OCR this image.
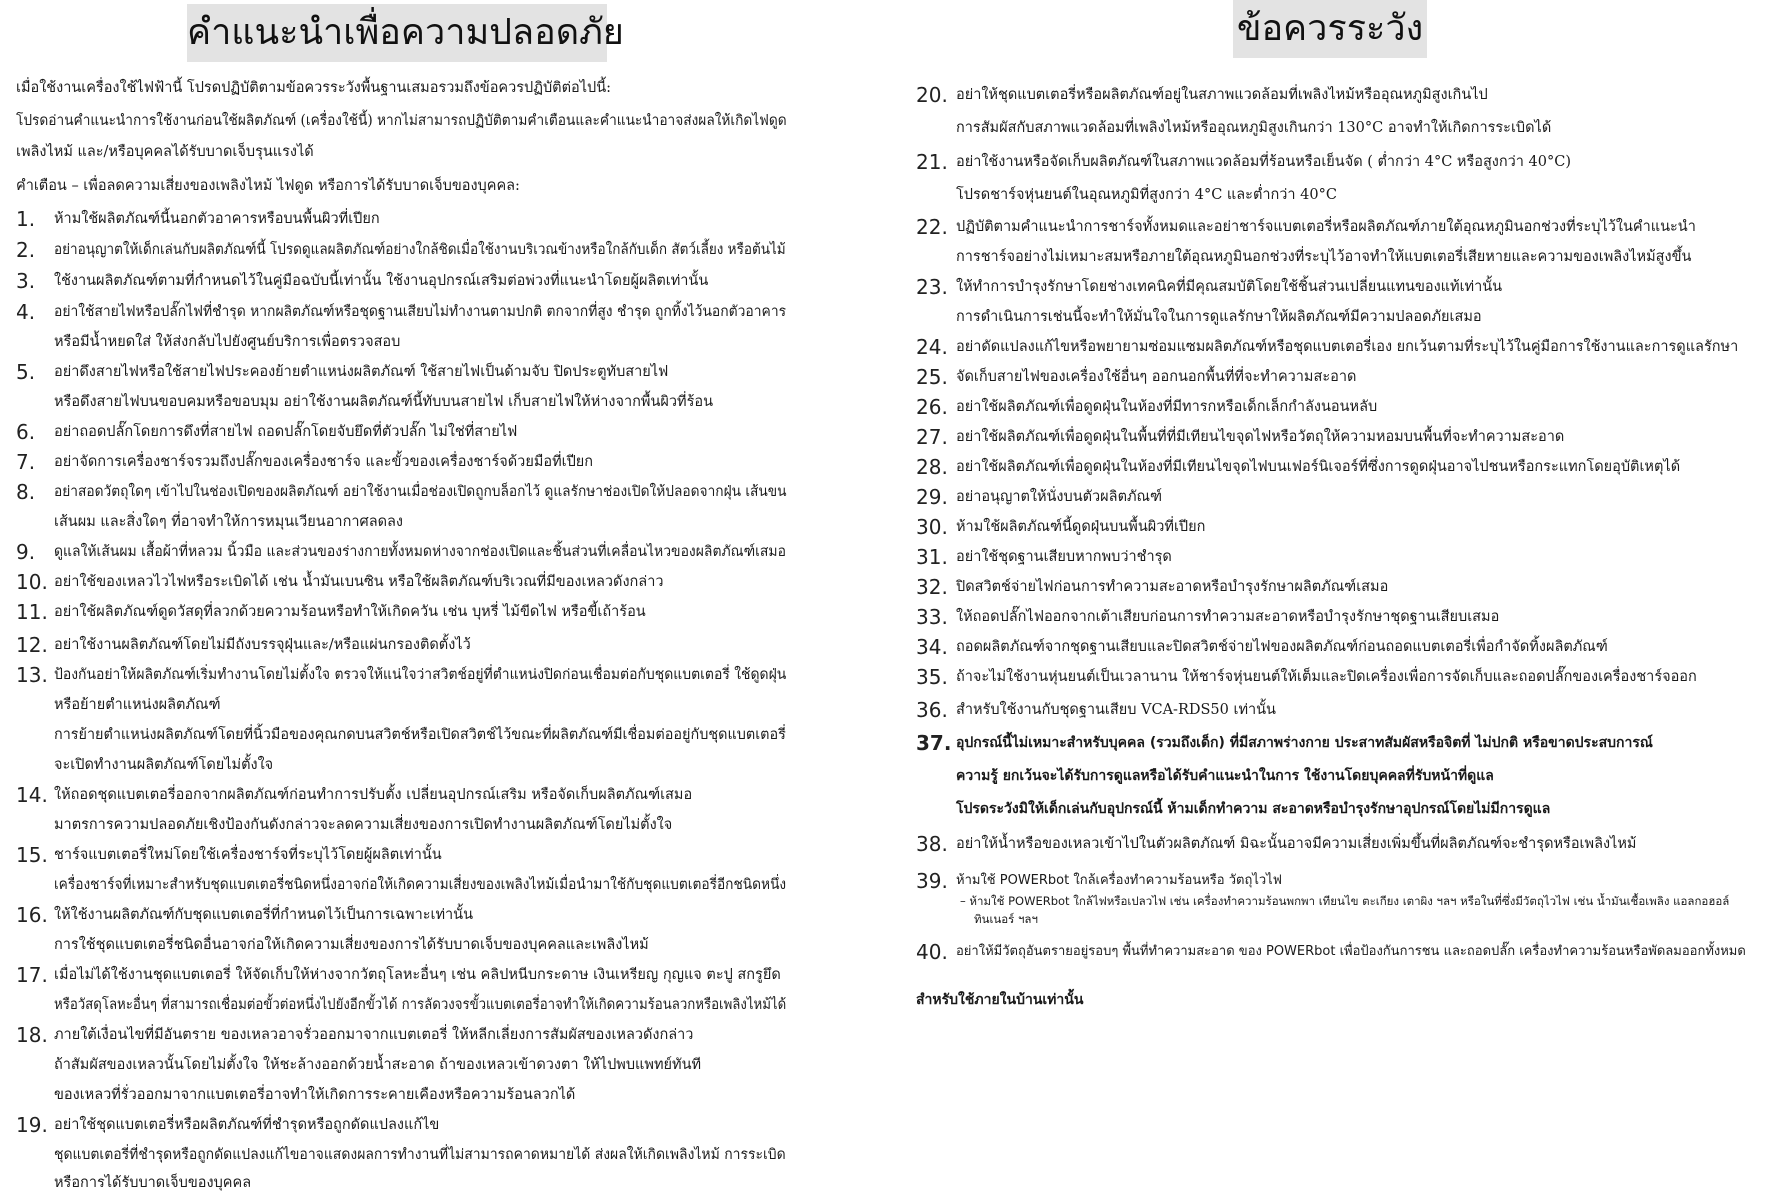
คำแนะนำเพื่อความปลอดภัย	ข้อควรระวัง
เมื่อใช้งานเครื่องใช้ไฟฟ้านี้ โปรดปฏิบัติตามข้อควรระวังพื้นฐานเสมอรวมถึงข้อควรปฏิบัติต่อไปนี้:
โปรดอ่านคำแนะนำการใช้งานก่อนใช้ผลิตภัณฑ์ (เครื่องใช้นี้) หากไม่สามารถปฏิบัติตามคำเตือนและคำแนะนำอาจส่งผลให้เกิดไฟดูด
เพลิงไหม้ และ/หรือบุคคลได้รับบาดเจ็บรุนแรงได้
คำเตือน – เพื่อลดความเสี่ยงของเพลิงไหม้ ไฟดูด หรือการได้รับบาดเจ็บของบุคคล:
1. ห้ามใช้ผลิตภัณฑ์นี้นอกตัวอาคารหรือบนพื้นผิวที่เปียก
2. อย่าอนุญาตให้เด็กเล่นกับผลิตภัณฑ์นี้ โปรดดูแลผลิตภัณฑ์อย่างใกล้ชิดเมื่อใช้งานบริเวณข้างหรือใกล้กับเด็ก สัตว์เลี้ยง หรือต้นไม้
3. ใช้งานผลิตภัณฑ์ตามที่กำหนดไว้ในคู่มือฉบับนี้เท่านั้น ใช้งานอุปกรณ์เสริมต่อพ่วงที่แนะนำโดยผู้ผลิตเท่านั้น
4. อย่าใช้สายไฟหรือปลั๊กไฟที่ชำรุด หากผลิตภัณฑ์หรือชุดฐานเสียบไม่ทำงานตามปกติ ตกจากที่สูง ชำรุด ถูกทิ้งไว้นอกตัวอาคาร
หรือมีน้ำหยดใส่ ให้ส่งกลับไปยังศูนย์บริการเพื่อตรวจสอบ
5. อย่าดึงสายไฟหรือใช้สายไฟประคองย้ายตำแหน่งผลิตภัณฑ์ ใช้สายไฟเป็นด้ามจับ ปิดประตูทับสายไฟ
หรือดึงสายไฟบนขอบคมหรือขอบมุม อย่าใช้งานผลิตภัณฑ์นี้ทับบนสายไฟ เก็บสายไฟให้ห่างจากพื้นผิวที่ร้อน
6. อย่าถอดปลั๊กโดยการดึงที่สายไฟ ถอดปลั๊กโดยจับยึดที่ตัวปลั๊ก ไม่ใช่ที่สายไฟ
7. อย่าจัดการเครื่องชาร์จรวมถึงปลั๊กของเครื่องชาร์จ และขั้วของเครื่องชาร์จด้วยมือที่เปียก
8. อย่าสอดวัตถุใดๆ เข้าไปในช่องเปิดของผลิตภัณฑ์ อย่าใช้งานเมื่อช่องเปิดถูกบล็อกไว้ ดูแลรักษาช่องเปิดให้ปลอดจากฝุ่น เส้นขน
เส้นผม และสิ่งใดๆ ที่อาจทำให้การหมุนเวียนอากาศลดลง
9. ดูแลให้เส้นผม เสื้อผ้าที่หลวม นิ้วมือ และส่วนของร่างกายทั้งหมดห่างจากช่องเปิดและชิ้นส่วนที่เคลื่อนไหวของผลิตภัณฑ์เสมอ
10. อย่าใช้ของเหลวไวไฟหรือระเบิดได้ เช่น น้ำมันเบนซิน หรือใช้ผลิตภัณฑ์บริเวณที่มีของเหลวดังกล่าว
11. อย่าใช้ผลิตภัณฑ์ดูดวัสดุที่ลวกด้วยความร้อนหรือทำให้เกิดควัน เช่น บุหรี่ ไม้ขีดไฟ หรือขี้เถ้าร้อน
12. อย่าใช้งานผลิตภัณฑ์โดยไม่มีถังบรรจุฝุ่นและ/หรือแผ่นกรองติดตั้งไว้
13. ป้องกันอย่าให้ผลิตภัณฑ์เริ่มทำงานโดยไม่ตั้งใจ ตรวจให้แน่ใจว่าสวิตช์อยู่ที่ตำแหน่งปิดก่อนเชื่อมต่อกับชุดแบตเตอรี่ ใช้ดูดฝุ่น
หรือย้ายตำแหน่งผลิตภัณฑ์
การย้ายตำแหน่งผลิตภัณฑ์โดยที่นิ้วมือของคุณกดบนสวิตช์หรือเปิดสวิตช์ไว้ขณะที่ผลิตภัณฑ์มีเชื่อมต่ออยู่กับชุดแบตเตอรี่
จะเปิดทำงานผลิตภัณฑ์โดยไม่ตั้งใจ
14. ให้ถอดชุดแบตเตอรี่ออกจากผลิตภัณฑ์ก่อนทำการปรับตั้ง เปลี่ยนอุปกรณ์เสริม หรือจัดเก็บผลิตภัณฑ์เสมอ
มาตรการความปลอดภัยเชิงป้องกันดังกล่าวจะลดความเสี่ยงของการเปิดทำงานผลิตภัณฑ์โดยไม่ตั้งใจ
15. ชาร์จแบตเตอรี่ใหม่โดยใช้เครื่องชาร์จที่ระบุไว้โดยผู้ผลิตเท่านั้น
เครื่องชาร์จที่เหมาะสำหรับชุดแบตเตอรี่ชนิดหนึ่งอาจก่อให้เกิดความเสี่ยงของเพลิงไหม้เมื่อนำมาใช้กับชุดแบตเตอรี่อีกชนิดหนึ่ง
16. ให้ใช้งานผลิตภัณฑ์กับชุดแบตเตอรี่ที่กำหนดไว้เป็นการเฉพาะเท่านั้น
การใช้ชุดแบตเตอรี่ชนิดอื่นอาจก่อให้เกิดความเสี่ยงของการได้รับบาดเจ็บของบุคคลและเพลิงไหม้
17. เมื่อไม่ได้ใช้งานชุดแบตเตอรี่ ให้จัดเก็บให้ห่างจากวัตถุโลหะอื่นๆ เช่น คลิปหนีบกระดาษ เงินเหรียญ กุญแจ ตะปู สกรูยึด
หรือวัสดุโลหะอื่นๆ ที่สามารถเชื่อมต่อขั้วต่อหนึ่งไปยังอีกขั้วได้ การลัดวงจรขั้วแบตเตอรี่อาจทำให้เกิดความร้อนลวกหรือเพลิงไหม้ได้
18. ภายใต้เงื่อนไขที่มีอันตราย ของเหลวอาจรั่วออกมาจากแบตเตอรี่ ให้หลีกเลี่ยงการสัมผัสของเหลวดังกล่าว
ถ้าสัมผัสของเหลวนั้นโดยไม่ตั้งใจ ให้ชะล้างออกด้วยน้ำสะอาด ถ้าของเหลวเข้าดวงตา ให้ไปพบแพทย์ทันที
ของเหลวที่รั่วออกมาจากแบตเตอรี่อาจทำให้เกิดการระคายเคืองหรือความร้อนลวกได้
19. อย่าใช้ชุดแบตเตอรี่หรือผลิตภัณฑ์ที่ชำรุดหรือถูกดัดแปลงแก้ไข
ชุดแบตเตอรี่ที่ชำรุดหรือถูกดัดแปลงแก้ไขอาจแสดงผลการทำงานที่ไม่สามารถคาดหมายได้ ส่งผลให้เกิดเพลิงไหม้ การระเบิด
หรือการได้รับบาดเจ็บของบุคคล
20. อย่าให้ชุดแบตเตอรี่หรือผลิตภัณฑ์อยู่ในสภาพแวดล้อมที่เพลิงไหม้หรืออุณหภูมิสูงเกินไป
การสัมผัสกับสภาพแวดล้อมที่เพลิงไหม้หรืออุณหภูมิสูงเกินกว่า 130°C อาจทำให้เกิดการระเบิดได้
21. อย่าใช้งานหรือจัดเก็บผลิตภัณฑ์ในสภาพแวดล้อมที่ร้อนหรือเย็นจัด ( ต่ำกว่า 4°C หรือสูงกว่า 40°C)
โปรดชาร์จหุ่นยนต์ในอุณหภูมิที่สูงกว่า 4°C และต่ำกว่า 40°C
22. ปฏิบัติตามคำแนะนำการชาร์จทั้งหมดและอย่าชาร์จแบตเตอรี่หรือผลิตภัณฑ์ภายใต้อุณหภูมินอกช่วงที่ระบุไว้ในคำแนะนำ
การชาร์จอย่างไม่เหมาะสมหรือภายใต้อุณหภูมินอกช่วงที่ระบุไว้อาจทำให้แบตเตอรี่เสียหายและความของเพลิงไหม้สูงขึ้น
23. ให้ทำการบำรุงรักษาโดยช่างเทคนิคที่มีคุณสมบัติโดยใช้ชิ้นส่วนเปลี่ยนแทนของแท้เท่านั้น
การดำเนินการเช่นนี้จะทำให้มั่นใจในการดูแลรักษาให้ผลิตภัณฑ์มีความปลอดภัยเสมอ
24. อย่าดัดแปลงแก้ไขหรือพยายามซ่อมแซมผลิตภัณฑ์หรือชุดแบตเตอรี่เอง ยกเว้นตามที่ระบุไว้ในคู่มือการใช้งานและการดูแลรักษา
25. จัดเก็บสายไฟของเครื่องใช้อื่นๆ ออกนอกพื้นที่ที่จะทำความสะอาด
26. อย่าใช้ผลิตภัณฑ์เพื่อดูดฝุ่นในห้องที่มีทารกหรือเด็กเล็กกำลังนอนหลับ
27. อย่าใช้ผลิตภัณฑ์เพื่อดูดฝุ่นในพื้นที่ที่มีเทียนไขจุดไฟหรือวัตถุให้ความหอมบนพื้นที่จะทำความสะอาด
28. อย่าใช้ผลิตภัณฑ์เพื่อดูดฝุ่นในห้องที่มีเทียนไขจุดไฟบนเฟอร์นิเจอร์ที่ซึ่งการดูดฝุ่นอาจไปชนหรือกระแทกโดยอุบัติเหตุได้
29. อย่าอนุญาตให้นั่งบนตัวผลิตภัณฑ์
30. ห้ามใช้ผลิตภัณฑ์นี้ดูดฝุ่นบนพื้นผิวที่เปียก
31. อย่าใช้ชุดฐานเสียบหากพบว่าชำรุด
32. ปิดสวิตช์จ่ายไฟก่อนการทำความสะอาดหรือบำรุงรักษาผลิตภัณฑ์เสมอ
33. ให้ถอดปลั๊กไฟออกจากเต้าเสียบก่อนการทำความสะอาดหรือบำรุงรักษาชุดฐานเสียบเสมอ
34. ถอดผลิตภัณฑ์จากชุดฐานเสียบและปิดสวิตช์จ่ายไฟของผลิตภัณฑ์ก่อนถอดแบตเตอรี่เพื่อกำจัดทิ้งผลิตภัณฑ์
35. ถ้าจะไม่ใช้งานหุ่นยนต์เป็นเวลานาน ให้ชาร์จหุ่นยนต์ให้เต็มและปิดเครื่องเพื่อการจัดเก็บและถอดปลั๊กของเครื่องชาร์จออก
36. สำหรับใช้งานกับชุดฐานเสียบ VCA-RDS50 เท่านั้น
37. อุปกรณ์นี้ไม่เหมาะสำหรับบุคคล (รวมถึงเด็ก) ที่มีสภาพร่างกาย ประสาทสัมผัสหรือจิตที่ ไม่ปกติ หรือขาดประสบการณ์
ความรู้ ยกเว้นจะได้รับการดูแลหรือได้รับคำแนะนำในการ ใช้งานโดยบุคคลที่รับหน้าที่ดูแล
โปรดระวังมิให้เด็กเล่นกับอุปกรณ์นี้ ห้ามเด็กทำความ สะอาดหรือบำรุงรักษาอุปกรณ์โดยไม่มีการดูแล
38. อย่าให้น้ำหรือของเหลวเข้าไปในตัวผลิตภัณฑ์ มิฉะนั้นอาจมีความเสี่ยงเพิ่มขึ้นที่ผลิตภัณฑ์จะชำรุดหรือเพลิงไหม้
39. ห้ามใช้ POWERbot ใกล้เครื่องทำความร้อนหรือ วัตถุไวไฟ
– ห้ามใช้ POWERbot ใกล้ไฟหรือเปลวไฟ เช่น เครื่องทำความร้อนพกพา เทียนไข ตะเกียง เตาผิง ฯลฯ หรือในที่ซึ่งมีวัตถุไวไฟ เช่น น้ำมันเชื้อเพลิง แอลกอฮอล์
ทินเนอร์ ฯลฯ
40. อย่าให้มีวัตถุอันตรายอยู่รอบๆ พื้นที่ทำความสะอาด ของ POWERbot เพื่อป้องกันการชน และถอดปลั๊ก เครื่องทำความร้อนหรือพัดลมออกทั้งหมด
สำหรับใช้ภายในบ้านเท่านั้น
